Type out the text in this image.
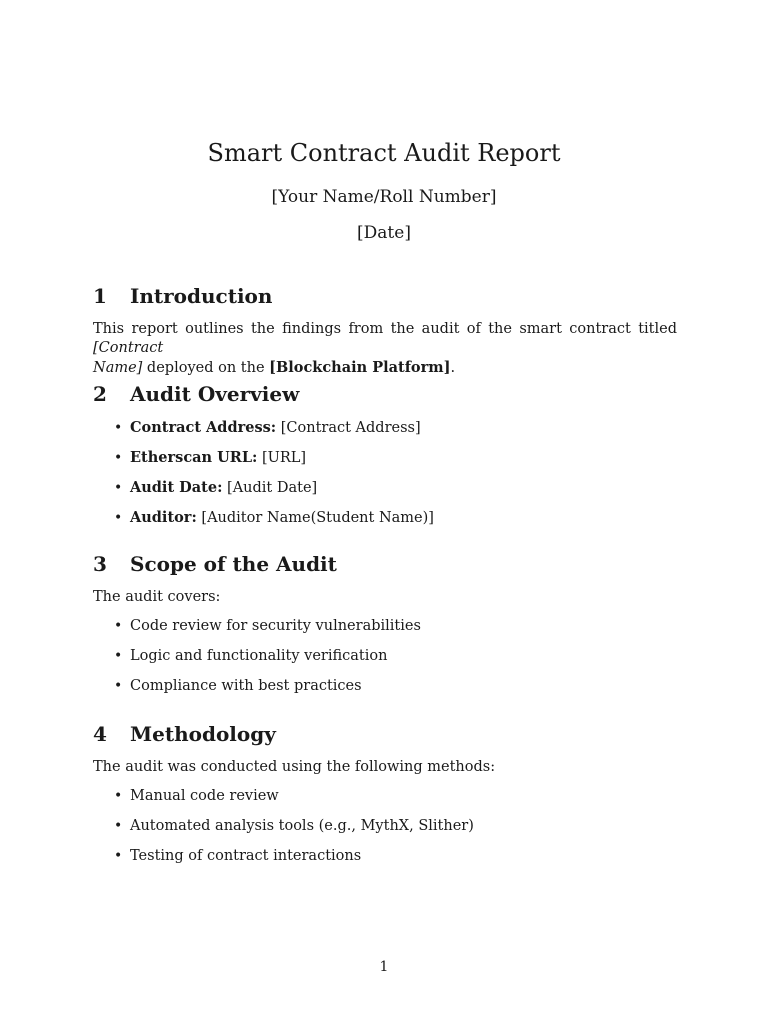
Smart Contract Audit Report
[Your Name/Roll Number]
[Date]
1 Introduction
This report outlines the findings from the audit of the smart contract titled [Contract
Name] deployed on the [Blockchain Platform].
2 Audit Overview
• Contract Address: [Contract Address]
• Etherscan URL: [URL]
• Audit Date: [Audit Date]
• Auditor: [Auditor Name(Student Name)]
3 Scope of the Audit
The audit covers:
• Code review for security vulnerabilities
• Logic and functionality verification
• Compliance with best practices
4 Methodology
The audit was conducted using the following methods:
• Manual code review
• Automated analysis tools (e.g., MythX, Slither)
• Testing of contract interactions
1
